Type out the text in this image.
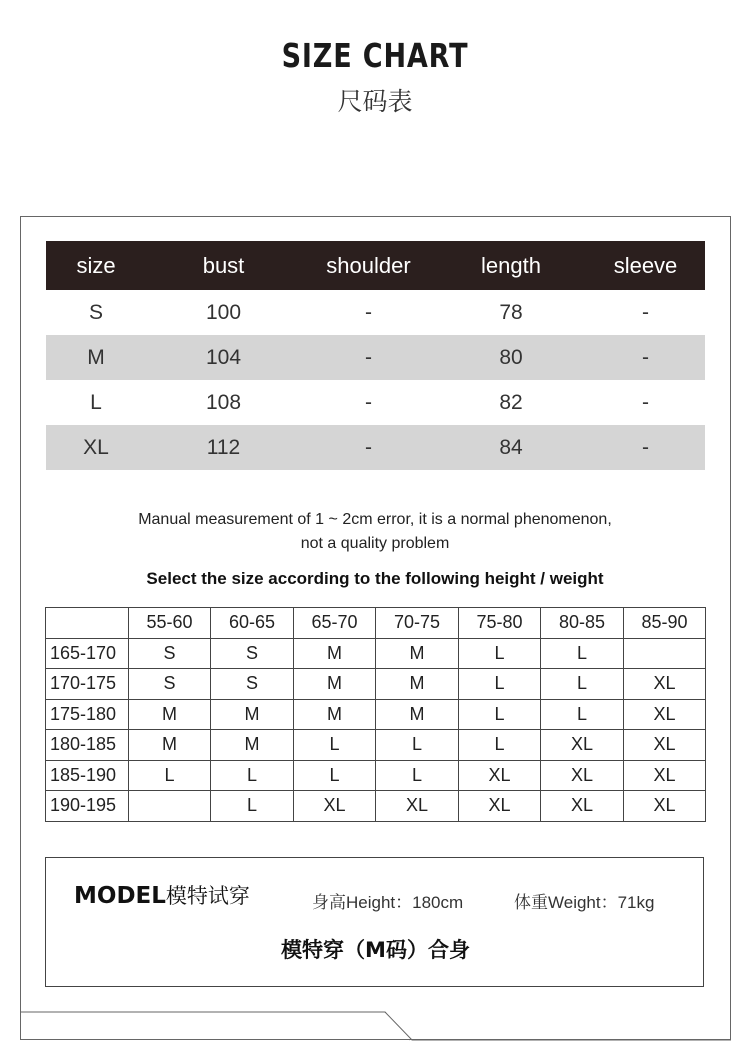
SIZE CHART
尺码表
size	bust	shoulder	length	sleeve
S	100	-	78	-
M	104	-	80	-
L	108	-	82	-
XL	112	-	84	-
Manual measurement of 1 ~ 2cm error, it is a normal phenomenon,
not a quality problem
Select the size according to the following height / weight
	55-60	60-65	65-70	70-75	75-80	80-85	85-90
165-170	S	S	M	M	L	L	
170-175	S	S	M	M	L	L	XL
175-180	M	M	M	M	L	L	XL
180-185	M	M	L	L	L	XL	XL
185-190	L	L	L	L	XL	XL	XL
190-195		L	XL	XL	XL	XL	XL
MODEL模特试穿	身高Height：180cm	体重Weight：71kg
模特穿（M码）合身
